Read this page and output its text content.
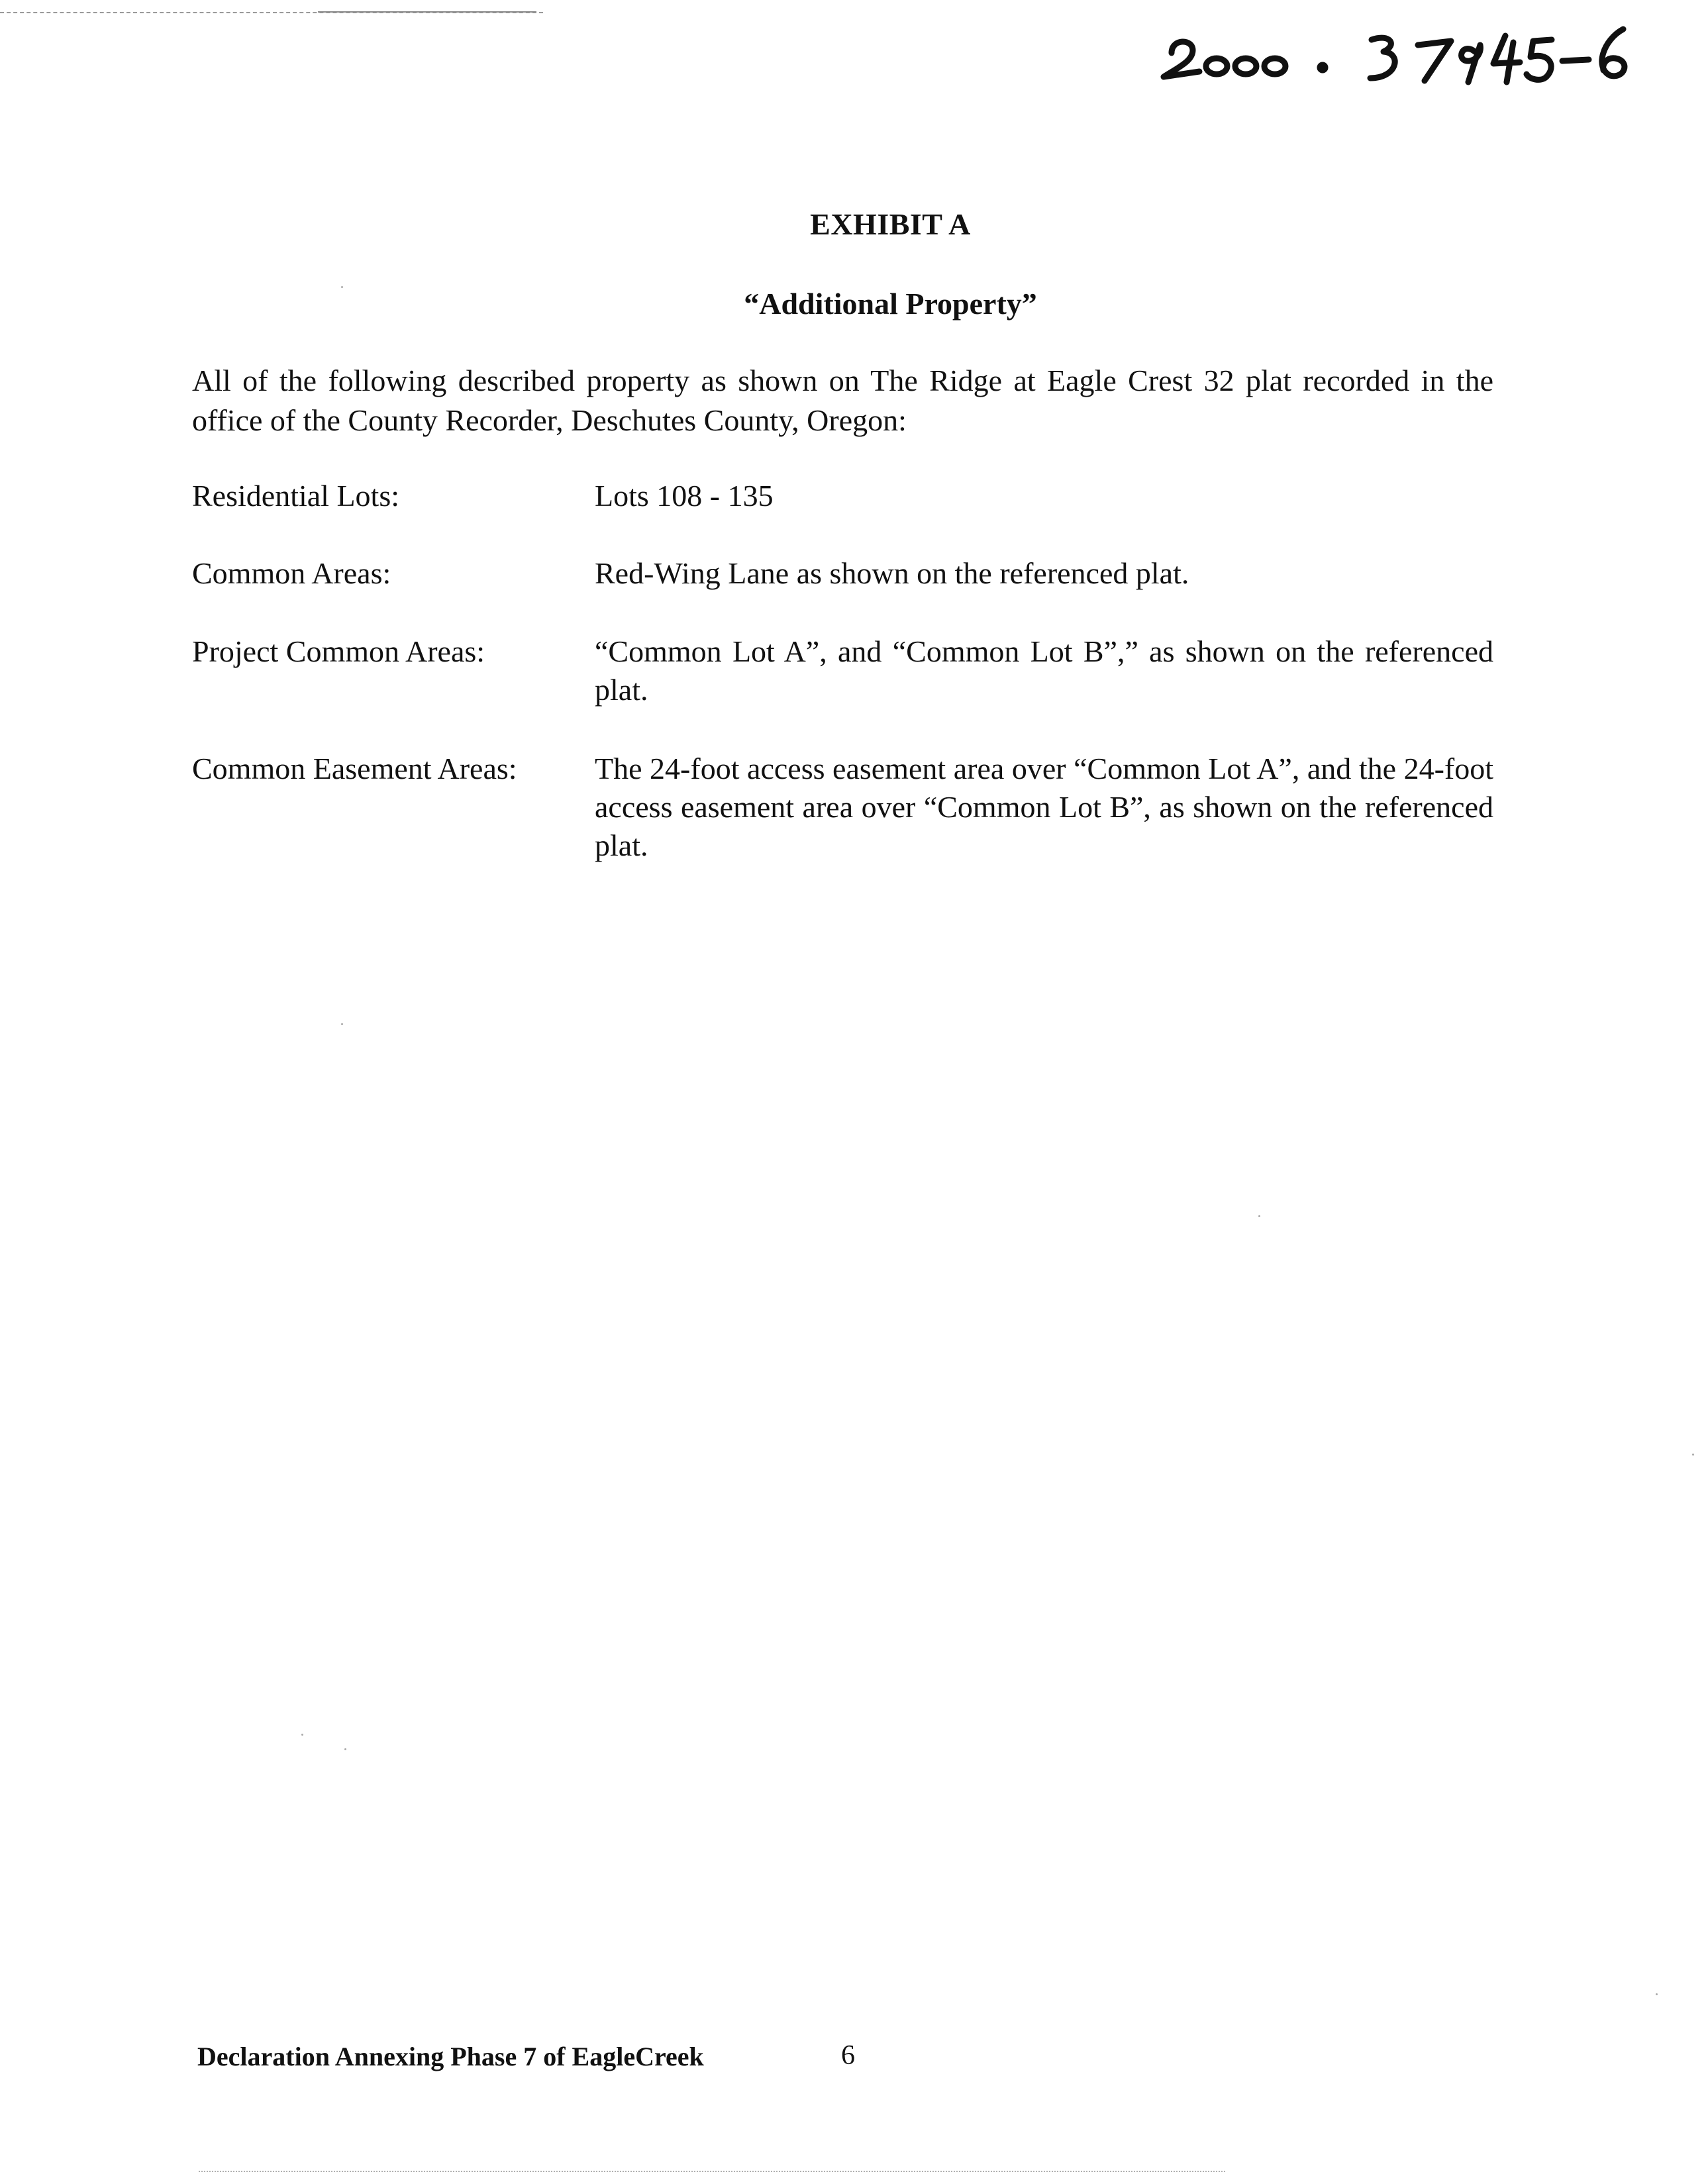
EXHIBIT A
“Additional Property”
All of the following described property as shown on The Ridge at Eagle Crest 32 plat recorded in the office of the County Recorder, Deschutes County, Oregon:
Residential Lots:	Lots 108 - 135
Common Areas:	Red-Wing Lane as shown on the referenced plat.
Project Common Areas:	“Common Lot A”, and “Common Lot B”,” as shown on the referenced plat.
Common Easement Areas:	The 24-foot access easement area over “Common Lot A”, and the 24-foot access easement area over “Common Lot B”, as shown on the referenced plat.
Declaration Annexing Phase 7 of EagleCreek	6
